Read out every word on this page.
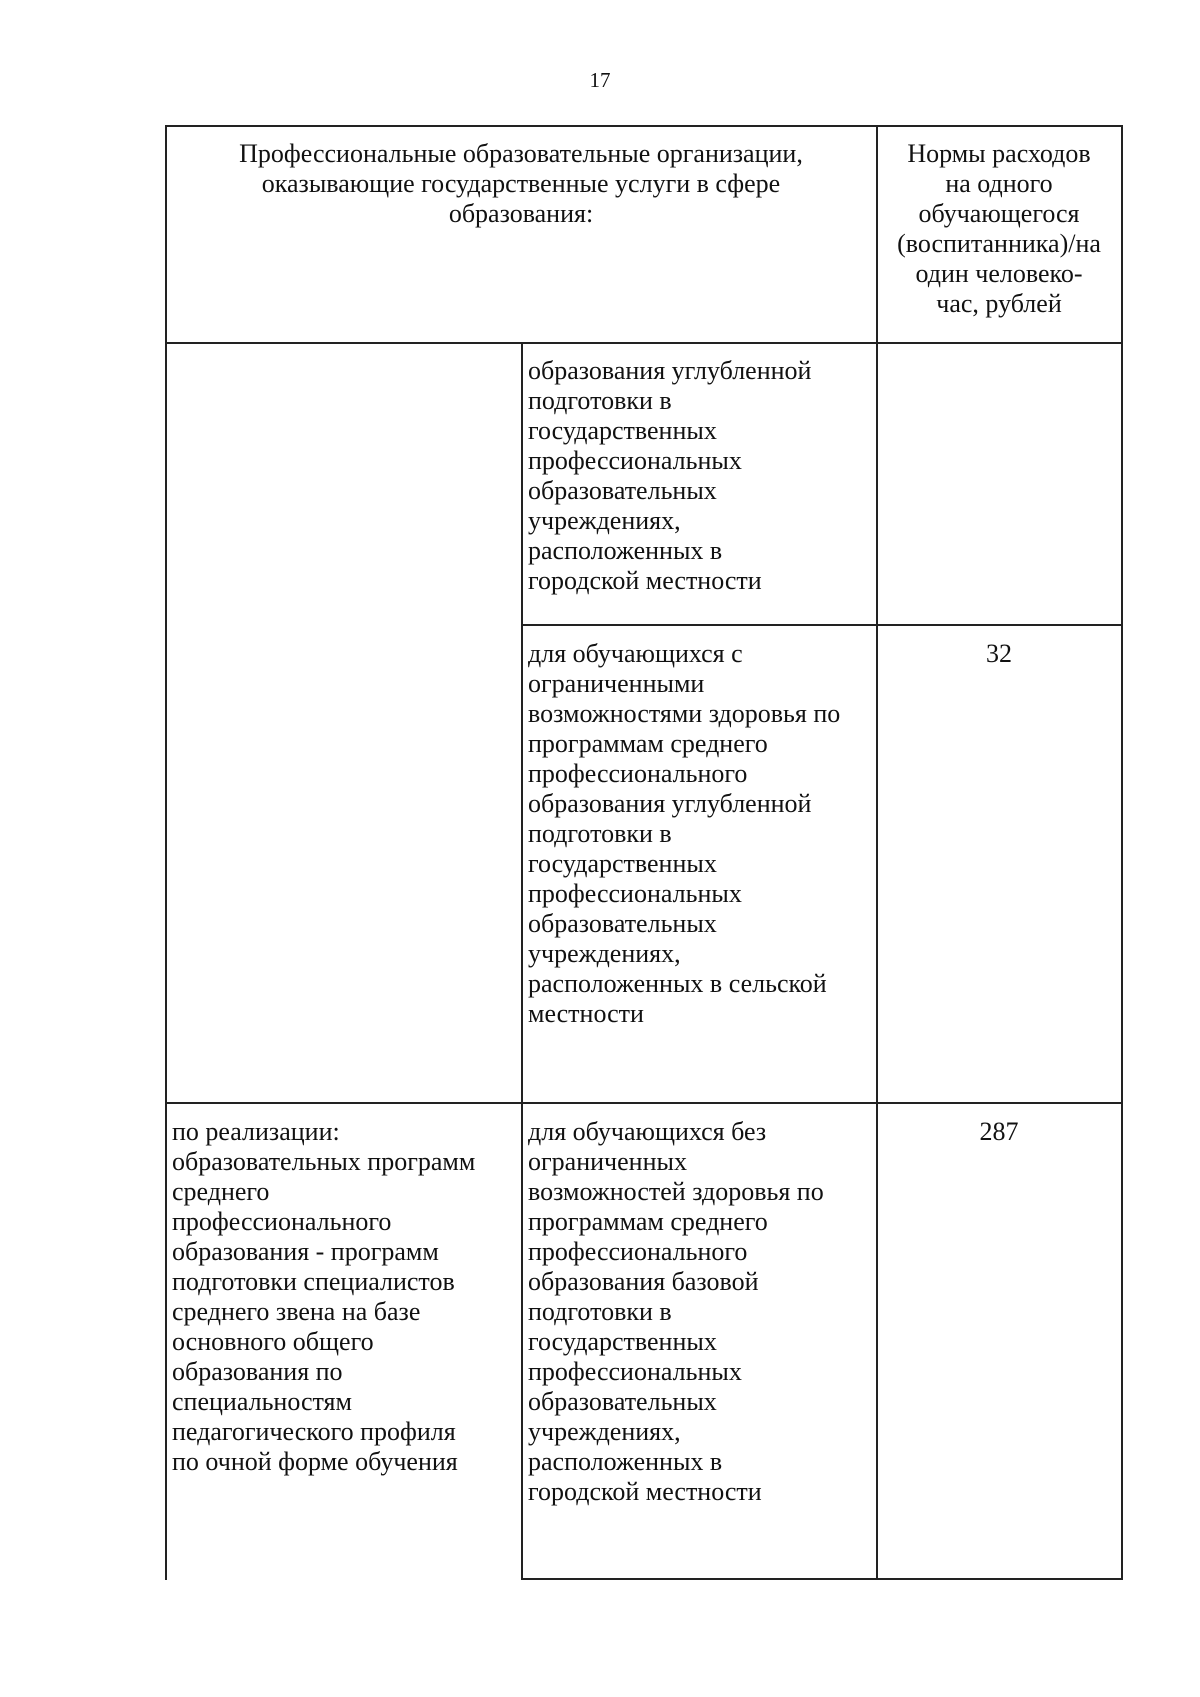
17
Профессиональные образовательные организации,
оказывающие государственные услуги в сфере
образования:
Нормы расходов
на одного
обучающегося
(воспитанника)/на
один человеко-
час, рублей
образования углубленной
подготовки в
государственных
профессиональных
образовательных
учреждениях,
расположенных в
городской местности
для обучающихся с
ограниченными
возможностями здоровья по
программам среднего
профессионального
образования углубленной
подготовки в
государственных
профессиональных
образовательных
учреждениях,
расположенных в сельской
местности
32
по реализации:
образовательных программ
среднего
профессионального
образования - программ
подготовки специалистов
среднего звена на базе
основного общего
образования по
специальностям
педагогического профиля
по очной форме обучения
для обучающихся без
ограниченных
возможностей здоровья по
программам среднего
профессионального
образования базовой
подготовки в
государственных
профессиональных
образовательных
учреждениях,
расположенных в
городской местности
287
